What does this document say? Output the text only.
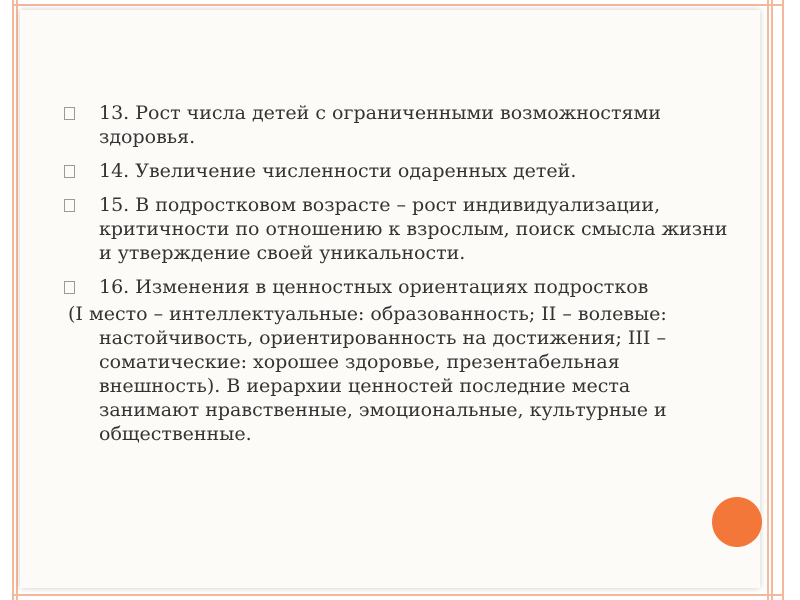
13. Рост числа детей с ограниченными возможностями здоровья.
14. Увеличение численности одаренных детей.
15. В подростковом возрасте – рост индивидуализации, критичности по отношению к взрослым, поиск смысла жизни и утверждение своей уникальности.
16. Изменения в ценностных ориентациях подростков
(I место – интеллектуальные: образованность; II – волевые: настойчивость, ориентированность на достижения; III – соматические: хорошее здоровье, презентабельная внешность). В иерархии ценностей последние места занимают нравственные, эмоциональные, культурные и общественные.
